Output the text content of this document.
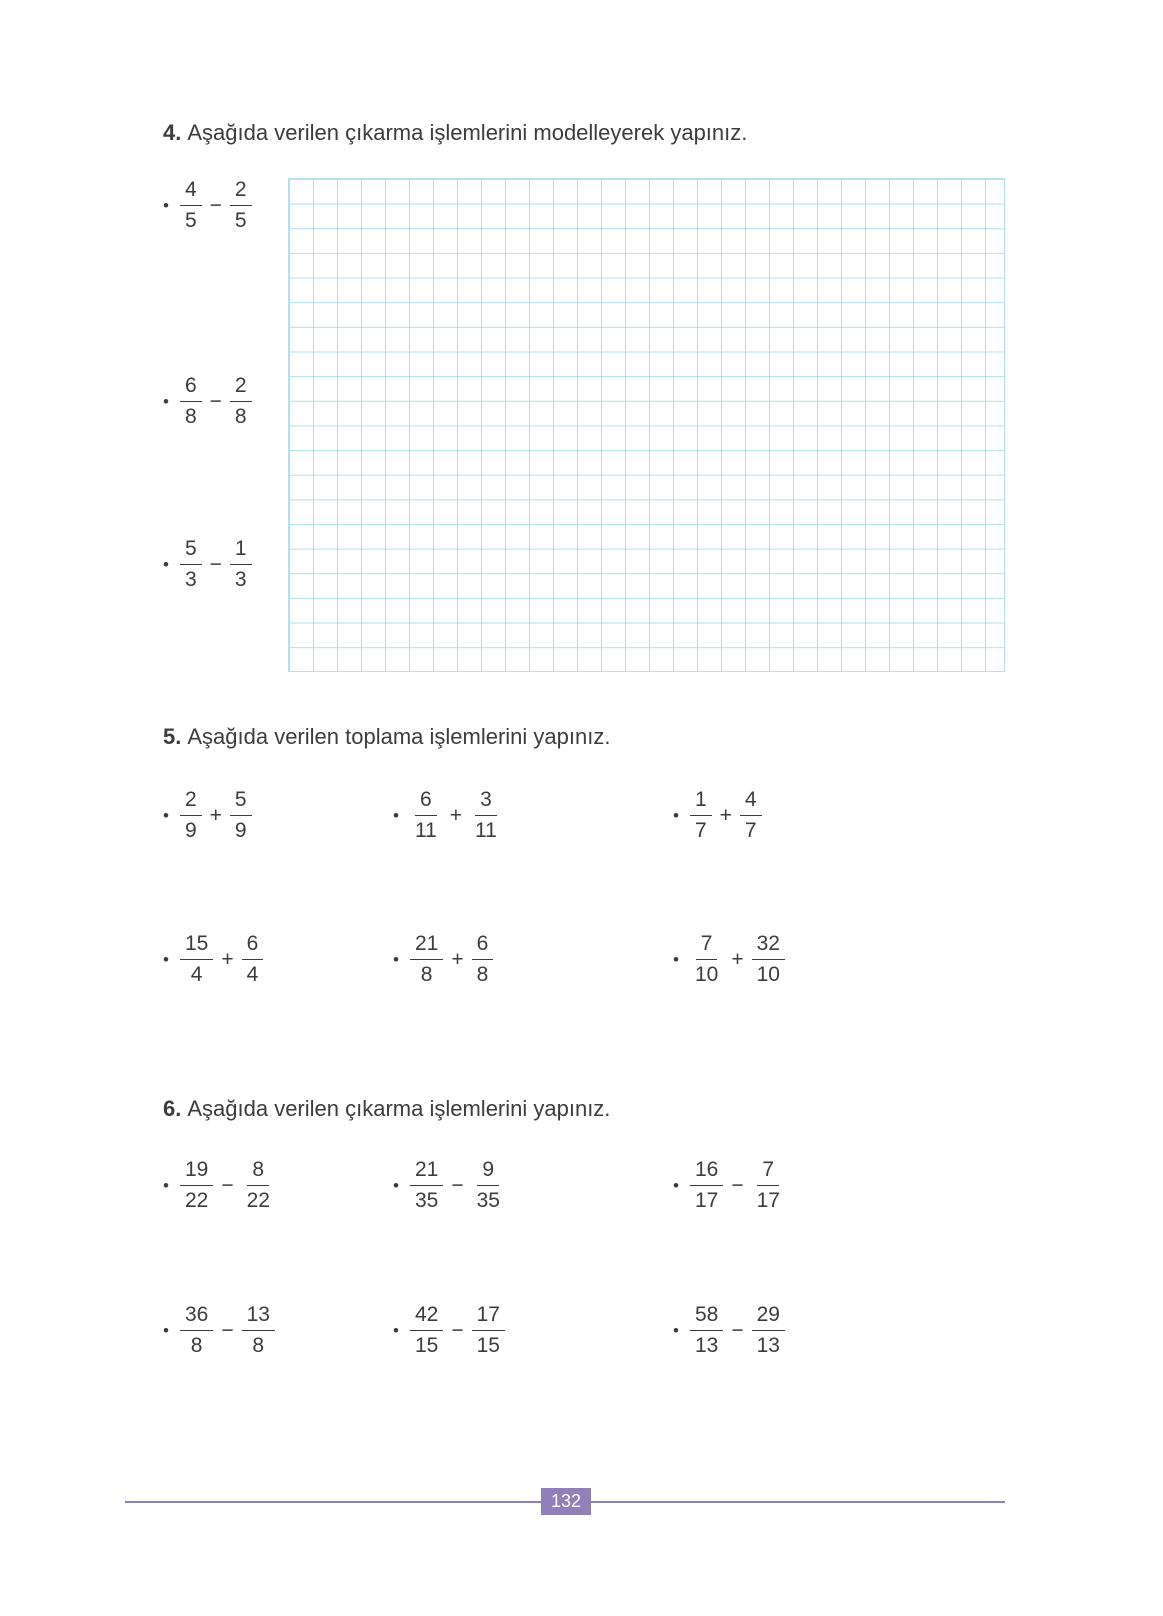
4. Aşağıda verilen çıkarma işlemlerini modelleyerek yapınız.
• $\frac{4}{5} - \frac{2}{5}$
• $\frac{6}{8} - \frac{2}{8}$
• $\frac{5}{3} - \frac{1}{3}$
5. Aşağıda verilen toplama işlemlerini yapınız.
• $\frac{2}{9} + \frac{5}{9}$	• $\frac{6}{11} + \frac{3}{11}$	• $\frac{1}{7} + \frac{4}{7}$
• $\frac{15}{4} + \frac{6}{4}$	• $\frac{21}{8} + \frac{6}{8}$	• $\frac{7}{10} + \frac{32}{10}$
6. Aşağıda verilen çıkarma işlemlerini yapınız.
• $\frac{19}{22} - \frac{8}{22}$	• $\frac{21}{35} - \frac{9}{35}$	• $\frac{16}{17} - \frac{7}{17}$
• $\frac{36}{8} - \frac{13}{8}$	• $\frac{42}{15} - \frac{17}{15}$	• $\frac{58}{13} - \frac{29}{13}$
132
